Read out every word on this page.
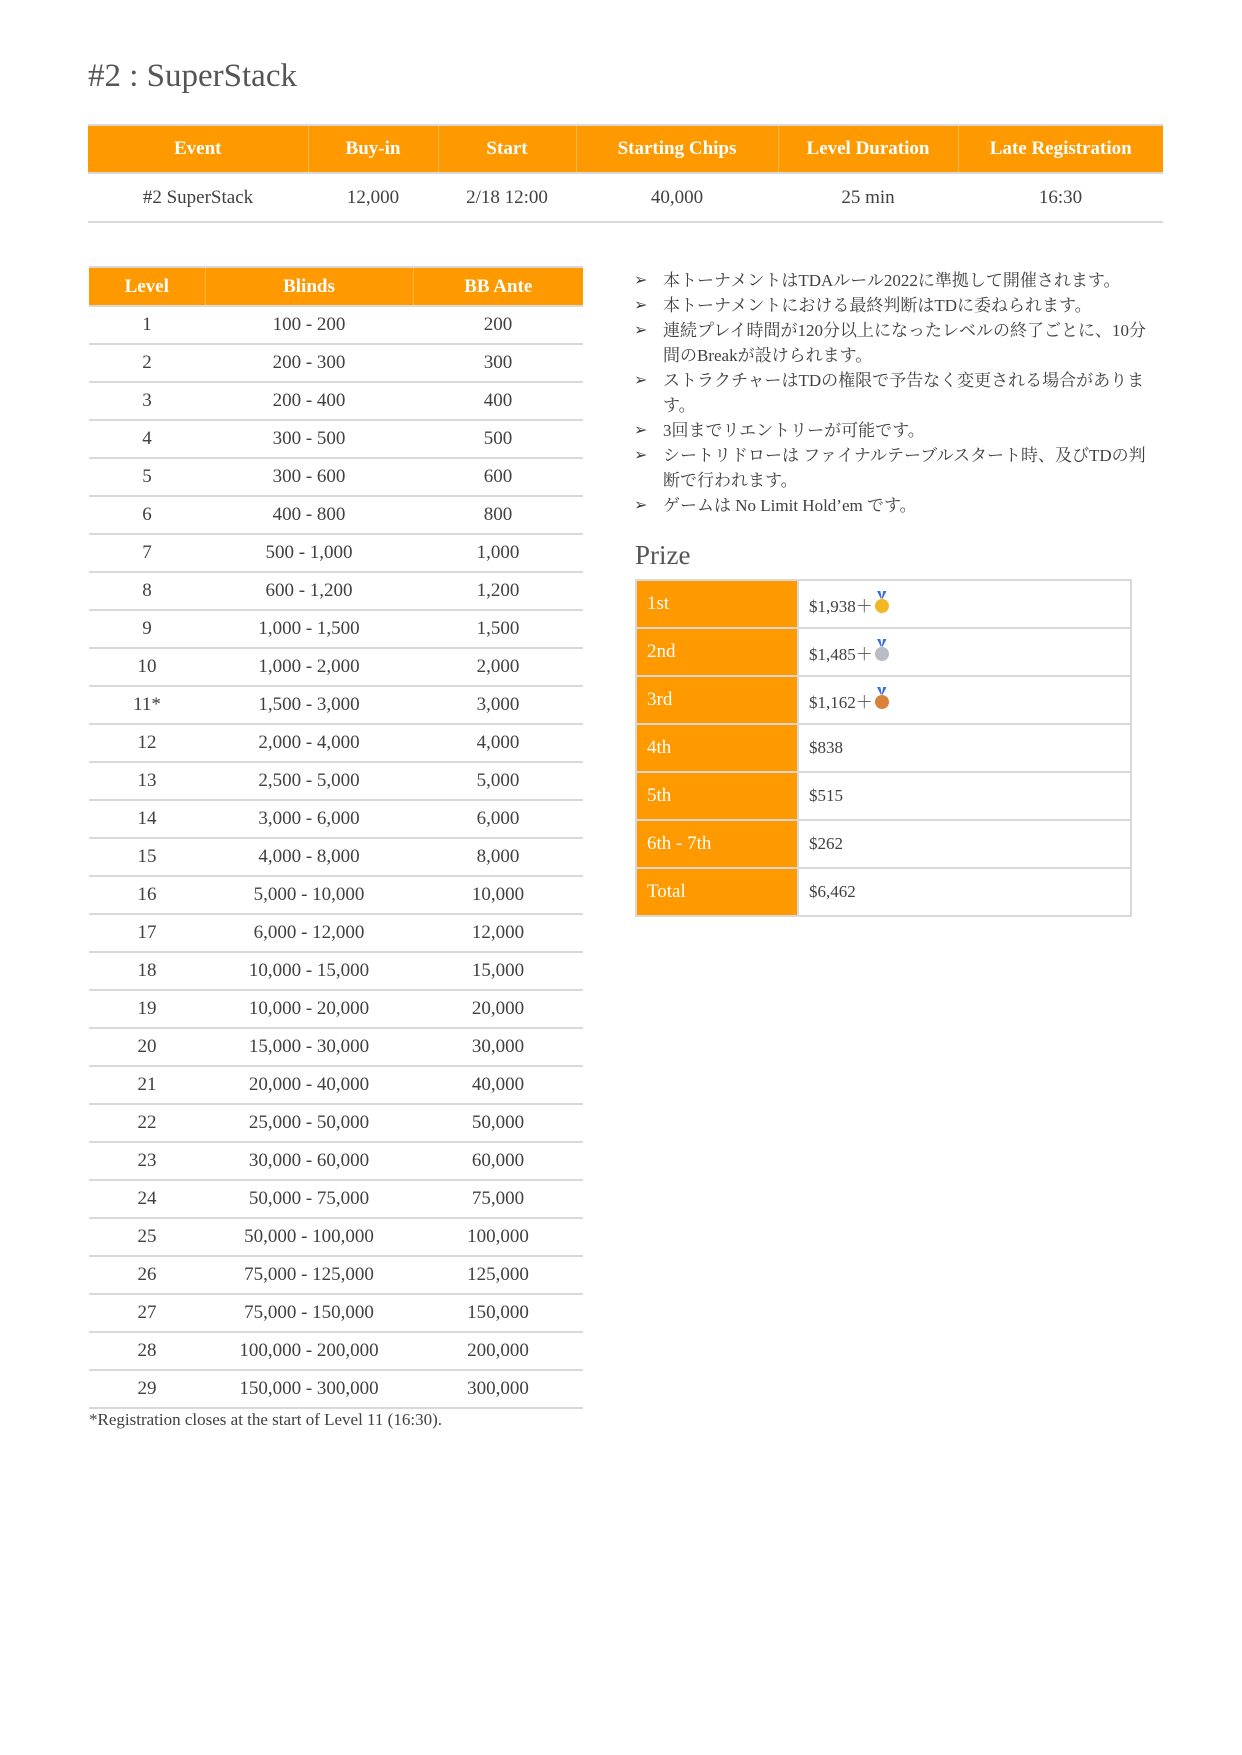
#2 : SuperStack
Event	Buy-in	Start	Starting Chips	Level Duration	Late Registration
#2 SuperStack	12,000	2/18 12:00	40,000	25 min	16:30
Level	Blinds	BB Ante
1	100 - 200	200
2	200 - 300	300
3	200 - 400	400
4	300 - 500	500
5	300 - 600	600
6	400 - 800	800
7	500 - 1,000	1,000
8	600 - 1,200	1,200
9	1,000 - 1,500	1,500
10	1,000 - 2,000	2,000
11*	1,500 - 3,000	3,000
12	2,000 - 4,000	4,000
13	2,500 - 5,000	5,000
14	3,000 - 6,000	6,000
15	4,000 - 8,000	8,000
16	5,000 - 10,000	10,000
17	6,000 - 12,000	12,000
18	10,000 - 15,000	15,000
19	10,000 - 20,000	20,000
20	15,000 - 30,000	30,000
21	20,000 - 40,000	40,000
22	25,000 - 50,000	50,000
23	30,000 - 60,000	60,000
24	50,000 - 75,000	75,000
25	50,000 - 100,000	100,000
26	75,000 - 125,000	125,000
27	75,000 - 150,000	150,000
28	100,000 - 200,000	200,000
29	150,000 - 300,000	300,000
*Registration closes at the start of Level 11 (16:30).
➢ 本トーナメントはTDAルール2022に準拠して開催されます。
➢ 本トーナメントにおける最終判断はTDに委ねられます。
➢ 連続プレイ時間が120分以上になったレベルの終了ごとに、10分間のBreakが設けられます。
➢ ストラクチャーはTDの権限で予告なく変更される場合があります。
➢ 3回までリエントリーが可能です。
➢ シートリドローは ファイナルテーブルスタート時、及びTDの判断で行われます。
➢ ゲームは No Limit Hold’em です。
Prize
1st	$1,938＋
2nd	$1,485＋
3rd	$1,162＋
4th	$838
5th	$515
6th - 7th	$262
Total	$6,462
